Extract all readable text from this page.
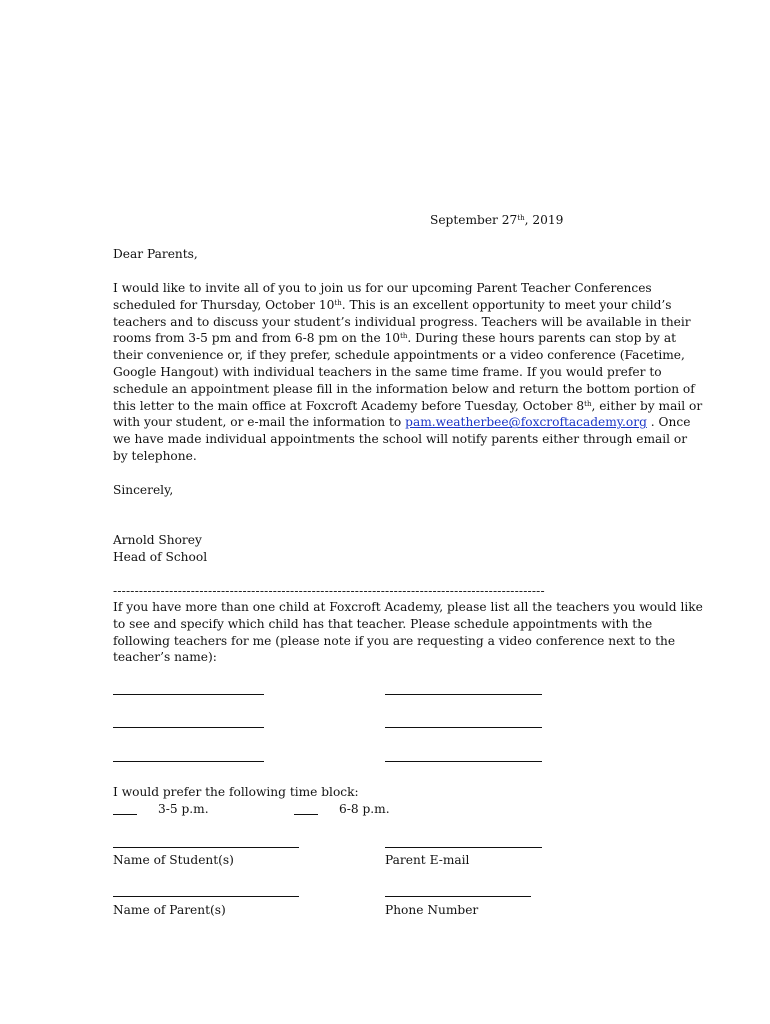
September 27th, 2019
Dear Parents,
I would like to invite all of you to join us for our upcoming Parent Teacher Conferences
scheduled for Thursday, October 10th. This is an excellent opportunity to meet your child’s
teachers and to discuss your student’s individual progress. Teachers will be available in their
rooms from 3-5 pm and from 6-8 pm on the 10th. During these hours parents can stop by at
their convenience or, if they prefer, schedule appointments or a video conference (Facetime,
Google Hangout) with individual teachers in the same time frame. If you would prefer to
schedule an appointment please fill in the information below and return the bottom portion of
this letter to the main office at Foxcroft Academy before Tuesday, October 8th, either by mail or
with your student, or e-mail the information to pam.weatherbee@foxcroftacademy.org . Once
we have made individual appointments the school will notify parents either through email or
by telephone.
Sincerely,
Arnold Shorey
Head of School
----------------------------------------------------------------------------------------------------
If you have more than one child at Foxcroft Academy, please list all the teachers you would like
to see and specify which child has that teacher. Please schedule appointments with the
following teachers for me (please note if you are requesting a video conference next to the
teacher’s name):
I would prefer the following time block:
3-5 p.m.	6-8 p.m.
Name of Student(s)	Parent E-mail
Name of Parent(s)	Phone Number
